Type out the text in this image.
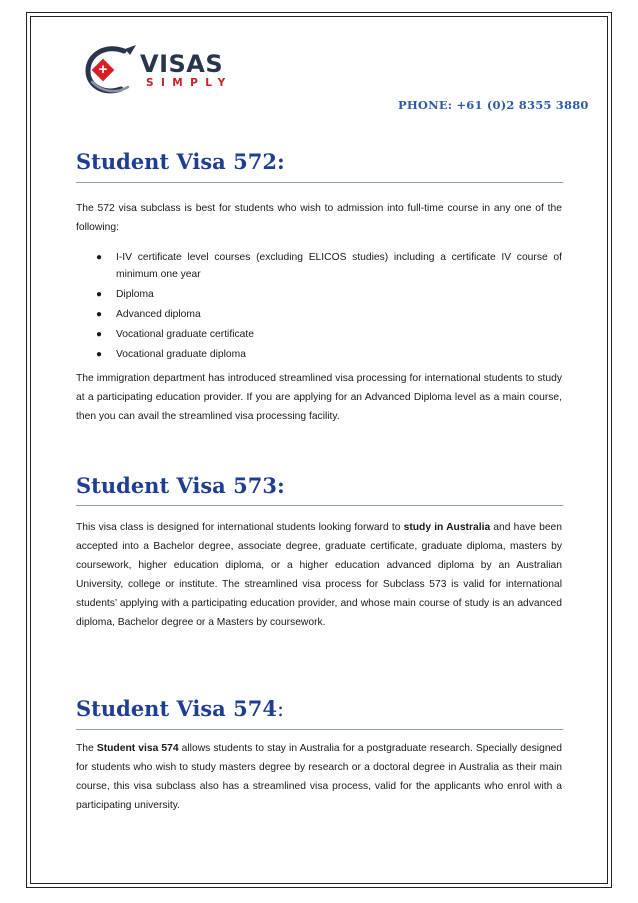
+ VISAS
SIMPLY
PHONE: +61 (0)2 8355 3880
Student Visa 572:

The 572 visa subclass is best for students who wish to admission into full-time course in any one of the following:

● I-IV certificate level courses (excluding ELICOS studies) including a certificate IV course of minimum one year
● Diploma
● Advanced diploma
● Vocational graduate certificate
● Vocational graduate diploma

The immigration department has introduced streamlined visa processing for international students to study at a participating education provider. If you are applying for an Advanced Diploma level as a main course, then you can avail the streamlined visa processing facility.

Student Visa 573:

This visa class is designed for international students looking forward to study in Australia and have been accepted into a Bachelor degree, associate degree, graduate certificate, graduate diploma, masters by coursework, higher education diploma, or a higher education advanced diploma by an Australian University, college or institute. The streamlined visa process for Subclass 573 is valid for international students’ applying with a participating education provider, and whose main course of study is an advanced diploma, Bachelor degree or a Masters by coursework.

Student Visa 574:

The Student visa 574 allows students to stay in Australia for a postgraduate research. Specially designed for students who wish to study masters degree by research or a doctoral degree in Australia as their main course, this visa subclass also has a streamlined visa process, valid for the applicants who enrol with a participating university.
